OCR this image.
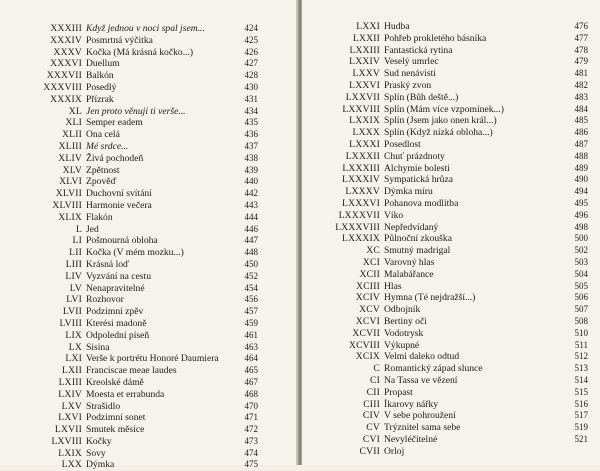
XXXIII Když jednou v noci spal jsem...	424
XXXIV Posmrtná výčitka	425
XXXV Kočka (Má krásná kočko...)	426
XXXVI Duellum	427
XXXVII Balkón	428
XXXVIII Posedlý	430
XXXIX Přízrak	431
XL Jen proto věnuji ti verše...	434
XLI Semper eadem	435
XLII Ona celá	436
XLIII Mé srdce...	437
XLIV Živá pochodeň	438
XLV Zpětnost	439
XLVI Zpověď	440
XLVII Duchovní svítání	442
XLVIII Harmonie večera	443
XLIX Flakón	444
L Jed	446
LI Pošmourná obloha	447
LII Kočka (V mém mozku...)	448
LIII Krásná loď	450
LIV Vyzvání na cestu	452
LV Nenapravitelné	454
LVI Rozhovor	456
LVII Podzimní zpěv	457
LVIII Kterési madoně	459
LIX Odpolední píseň	461
LX Sisina	463
LXI Verše k portrétu Honoré Daumiera	464
LXII Franciscae meae laudes	465
LXIII Kreolské dámě	467
LXIV Moesta et errabunda	468
LXV Strašidlo	470
LXVI Podzimní sonet	471
LXVII Smutek měsíce	472
LXVIII Kočky	473
LXIX Sovy	474
LXX Dýmka	475
LXXI Hudba	476
LXXII Pohřeb prokletého básníka	477
LXXIII Fantastická rytina	478
LXXIV Veselý umrlec	479
LXXV Sud nenávisti	481
LXXVI Praský zvon	482
LXXVII Splín (Bůh deště...)	483
LXXVIII Splín (Mám více vzpomínek...)	484
LXXIX Splín (Jsem jako onen král...)	485
LXXX Splín (Když nízká obloha...)	486
LXXXI Posedlost	487
LXXXII Chuť prázdnoty	488
LXXXIII Alchymie bolesti	489
LXXXIV Sympatická hrůza	490
LXXXV Dýmka míru	494
LXXXVI Pohanova modlitba	495
LXXXVII Víko	496
LXXXVIII Nepředvídaný	498
LXXXIX Půlnoční zkouška	500
XC Smutný madrigal	502
XCI Varovný hlas	503
XCII Malabářance	504
XCIII Hlas	505
XCIV Hymna (Té nejdražší...)	506
XCV Odbojník	507
XCVI Bertiny oči	508
XCVII Vodotrysk	510
XCVIII Výkupné	511
XCIX Velmi daleko odtud	512
C Romantický západ slunce	513
CI Na Tassa ve vězení	514
CII Propast	515
CIII Íkarovy nářky	516
CIV V sebe pohroužení	517
CV Trýznitel sama sebe	519
CVI Nevyléčitelné	521
CVII Orloj
